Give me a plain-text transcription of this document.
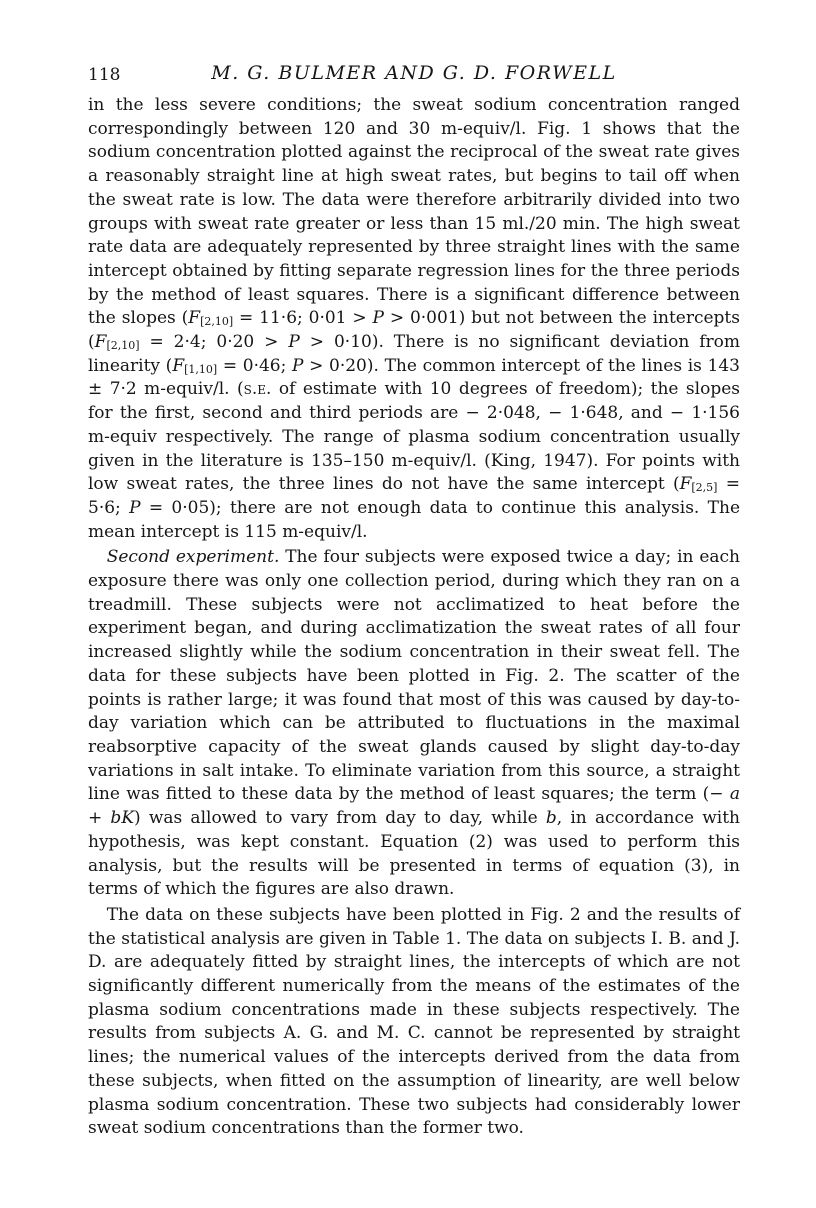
118	M. G. BULMER AND G. D. FORWELL

in the less severe conditions; the sweat sodium concentration ranged correspondingly between 120 and 30 m-equiv/l. Fig. 1 shows that the sodium concentration plotted against the reciprocal of the sweat rate gives a reasonably straight line at high sweat rates, but begins to tail off when the sweat rate is low. The data were therefore arbitrarily divided into two groups with sweat rate greater or less than 15 ml./20 min. The high sweat rate data are adequately represented by three straight lines with the same intercept obtained by fitting separate regression lines for the three periods by the method of least squares. There is a significant difference between the slopes ($F_{[2,10]} = 11\cdot 6$; 0·01 > P > 0·001) but not between the intercepts ($F_{[2,10]} = 2\cdot 4$; 0·20 > P > 0·10). There is no significant deviation from linearity ($F_{[1,10]} = 0\cdot 46$; P > 0·20). The common intercept of the lines is 143 ± 7·2 m-equiv/l. (s.e. of estimate with 10 degrees of freedom); the slopes for the first, second and third periods are − 2·048, − 1·648, and − 1·156 m-equiv respectively. The range of plasma sodium concentration usually given in the literature is 135–150 m-equiv/l. (King, 1947). For points with low sweat rates, the three lines do not have the same intercept ($F_{[2,5]} = 5\cdot 6$; P = 0·05); there are not enough data to continue this analysis. The mean intercept is 115 m-equiv/l.

Second experiment. The four subjects were exposed twice a day; in each exposure there was only one collection period, during which they ran on a treadmill. These subjects were not acclimatized to heat before the experiment began, and during acclimatization the sweat rates of all four increased slightly while the sodium concentration in their sweat fell. The data for these subjects have been plotted in Fig. 2. The scatter of the points is rather large; it was found that most of this was caused by day-to-day variation which can be attributed to fluctuations in the maximal reabsorptive capacity of the sweat glands caused by slight day-to-day variations in salt intake. To eliminate variation from this source, a straight line was fitted to these data by the method of least squares; the term (− a + bK) was allowed to vary from day to day, while b, in accordance with hypothesis, was kept constant. Equation (2) was used to perform this analysis, but the results will be presented in terms of equation (3), in terms of which the figures are also drawn.

The data on these subjects have been plotted in Fig. 2 and the results of the statistical analysis are given in Table 1. The data on subjects I. B. and J. D. are adequately fitted by straight lines, the intercepts of which are not significantly different numerically from the means of the estimates of the plasma sodium concentrations made in these subjects respectively. The results from subjects A. G. and M. C. cannot be represented by straight lines; the numerical values of the intercepts derived from the data from these subjects, when fitted on the assumption of linearity, are well below plasma sodium concentration. These two subjects had considerably lower sweat sodium concentrations than the former two.
